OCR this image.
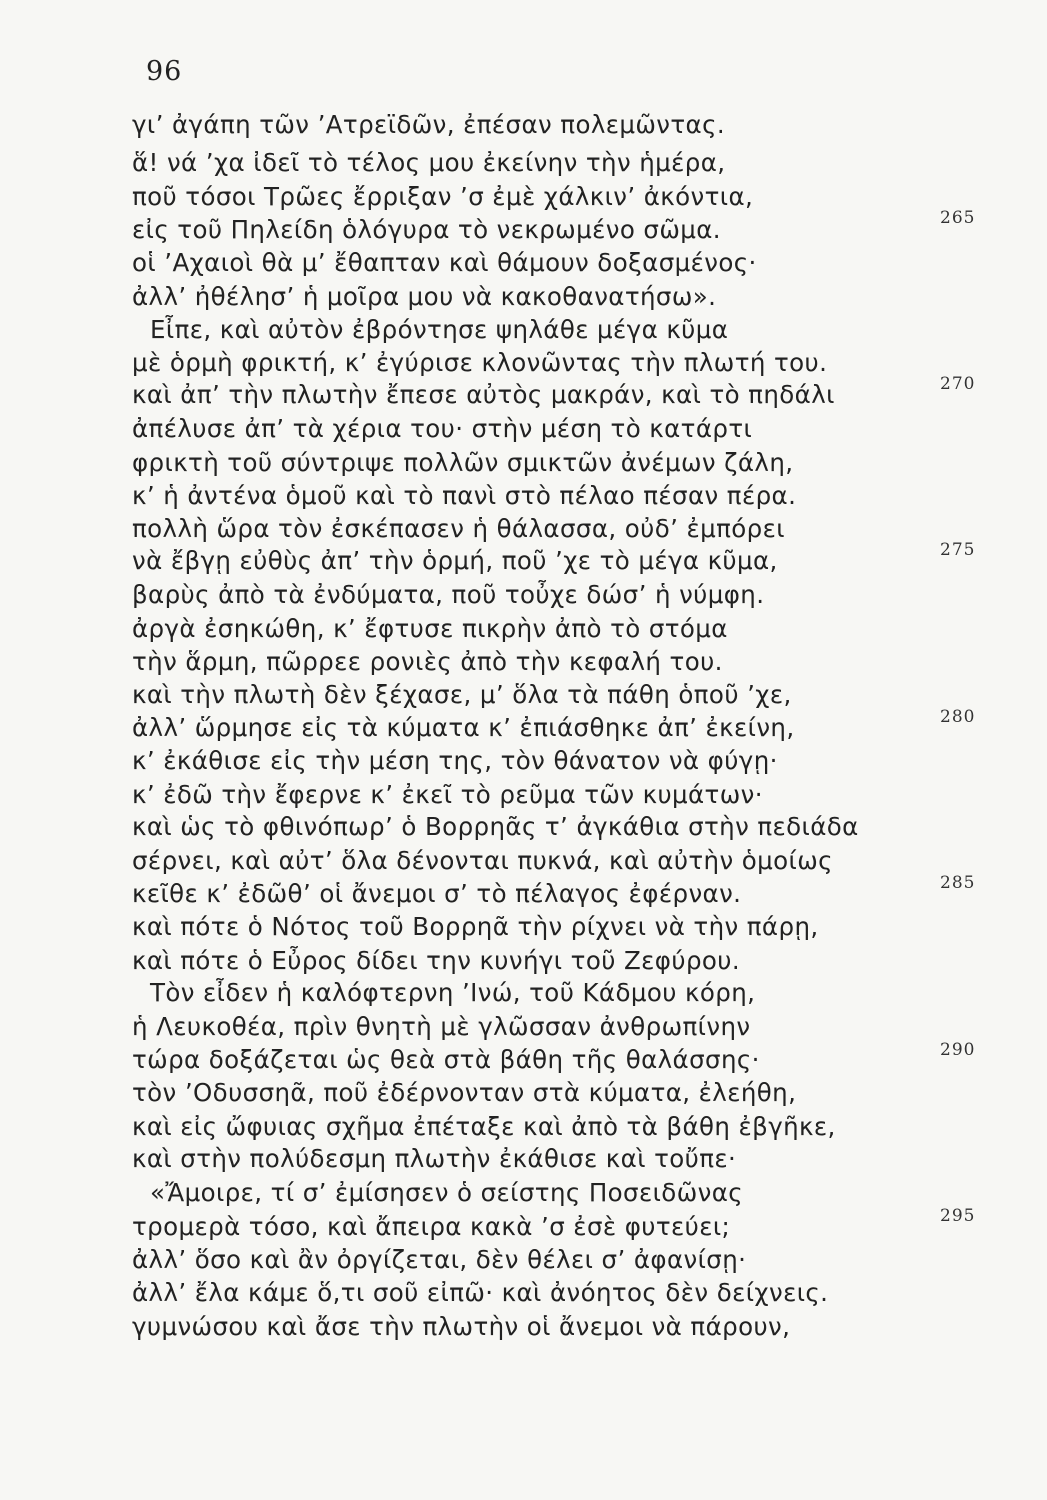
96
γι’ ἀγάπη τῶν ’Ατρεϊδῶν, ἐπέσαν πολεμῶντας.
ἅ! νά ’χα ἰδεῖ τὸ τέλος μου ἐκείνην τὴν ἡμέρα,
ποῦ τόσοι Τρῶες ἔρριξαν ’σ ἐμὲ χάλκιν’ ἀκόντια,
εἰς τοῦ Πηλείδη ὁλόγυρα τὸ νεκρωμένο σῶμα.
οἱ ’Αχαιοὶ θὰ μ’ ἔθαπταν καὶ θάμουν δοξασμένος·
ἀλλ’ ἠθέλησ’ ἡ μοῖρα μου νὰ κακοθανατήσω».
Εἶπε, καὶ αὐτὸν ἐβρόντησε ψηλάθε μέγα κῦμα
μὲ ὁρμὴ φρικτή, κ’ ἐγύρισε κλονῶντας τὴν πλωτή του.
καὶ ἀπ’ τὴν πλωτὴν ἔπεσε αὐτὸς μακράν, καὶ τὸ πηδάλι
ἀπέλυσε ἀπ’ τὰ χέρια του· στὴν μέση τὸ κατάρτι
φρικτὴ τοῦ σύντριψε πολλῶν σμικτῶν ἀνέμων ζάλη,
κ’ ἡ ἀντένα ὁμοῦ καὶ τὸ πανὶ στὸ πέλαο πέσαν πέρα.
πολλὴ ὥρα τὸν ἐσκέπασεν ἡ θάλασσα, οὐδ’ ἐμπόρει
νὰ ἔβγῃ εὐθὺς ἀπ’ τὴν ὁρμή, ποῦ ’χε τὸ μέγα κῦμα,
βαρὺς ἀπὸ τὰ ἐνδύματα, ποῦ τοὖχε δώσ’ ἡ νύμφη.
ἀργὰ ἐσηκώθη, κ’ ἔφτυσε πικρὴν ἀπὸ τὸ στόμα
τὴν ἅρμη, πῶρρεε ρονιὲς ἀπὸ τὴν κεφαλή του.
καὶ τὴν πλωτὴ δὲν ξέχασε, μ’ ὅλα τὰ πάθη ὁποῦ ’χε,
ἀλλ’ ὥρμησε εἰς τὰ κύματα κ’ ἐπιάσθηκε ἀπ’ ἐκείνη,
κ’ ἐκάθισε εἰς τὴν μέση της, τὸν θάνατον νὰ φύγῃ·
κ’ ἐδῶ τὴν ἔφερνε κ’ ἐκεῖ τὸ ρεῦμα τῶν κυμάτων·
καὶ ὡς τὸ φθινόπωρ’ ὁ Βορρηᾶς τ’ ἀγκάθια στὴν πεδιάδα
σέρνει, καὶ αὐτ’ ὅλα δένονται πυκνά, καὶ αὐτὴν ὁμοίως
κεῖθε κ’ ἐδῶθ’ οἱ ἄνεμοι σ’ τὸ πέλαγος ἐφέρναν.
καὶ πότε ὁ Νότος τοῦ Βορρηᾶ τὴν ρίχνει νὰ τὴν πάρῃ,
καὶ πότε ὁ Εὖρος δίδει την κυνήγι τοῦ Ζεφύρου.
Τὸν εἶδεν ἡ καλόφτερνη ’Ινώ, τοῦ Κάδμου κόρη,
ἡ Λευκοθέα, πρὶν θνητὴ μὲ γλῶσσαν ἀνθρωπίνην
τώρα δοξάζεται ὡς θεὰ στὰ βάθη τῆς θαλάσσης·
τὸν ’Οδυσσηᾶ, ποῦ ἐδέρνονταν στὰ κύματα, ἐλεήθη,
καὶ εἰς ὤφυιας σχῆμα ἐπέταξε καὶ ἀπὸ τὰ βάθη ἐβγῆκε,
καὶ στὴν πολύδεσμη πλωτὴν ἐκάθισε καὶ τοὔπε·
«Ἄμοιρε, τί σ’ ἐμίσησεν ὁ σείστης Ποσειδῶνας
τρομερὰ τόσο, καὶ ἄπειρα κακὰ ’σ ἐσὲ φυτεύει;
ἀλλ’ ὅσο καὶ ἂν ὀργίζεται, δὲν θέλει σ’ ἀφανίσῃ·
ἀλλ’ ἔλα κάμε ὅ,τι σοῦ εἰπῶ· καὶ ἀνόητος δὲν δείχνεις.
γυμνώσου καὶ ἄσε τὴν πλωτὴν οἱ ἄνεμοι νὰ πάρουν,
265
270
275
280
285
290
295
